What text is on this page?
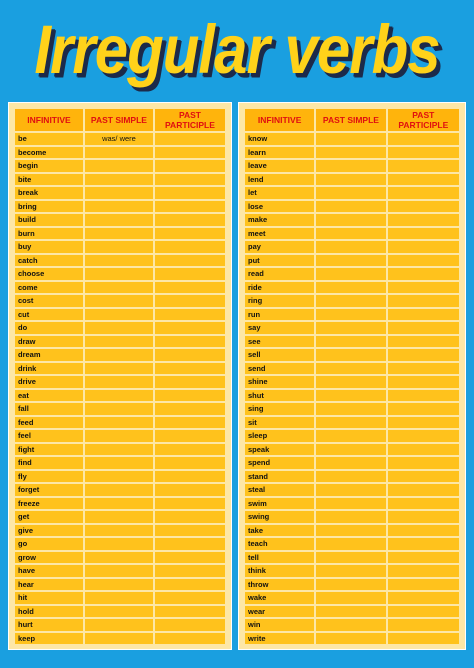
Irregular verbs
INFINITIVE	PAST SIMPLE	PAST PARTICIPLE
be	was/ were	
become		
begin		
bite		
break		
bring		
build		
burn		
buy		
catch		
choose		
come		
cost		
cut		
do		
draw		
dream		
drink		
drive		
eat		
fall		
feed		
feel		
fight		
find		
fly		
forget		
freeze		
get		
give		
go		
grow		
have		
hear		
hit		
hold		
hurt		
keep		
INFINITIVE	PAST SIMPLE	PAST PARTICIPLE
know		
learn		
leave		
lend		
let		
lose		
make		
meet		
pay		
put		
read		
ride		
ring		
run		
say		
see		
sell		
send		
shine		
shut		
sing		
sit		
sleep		
speak		
spend		
stand		
steal		
swim		
swing		
take		
teach		
tell		
think		
throw		
wake		
wear		
win		
write		
